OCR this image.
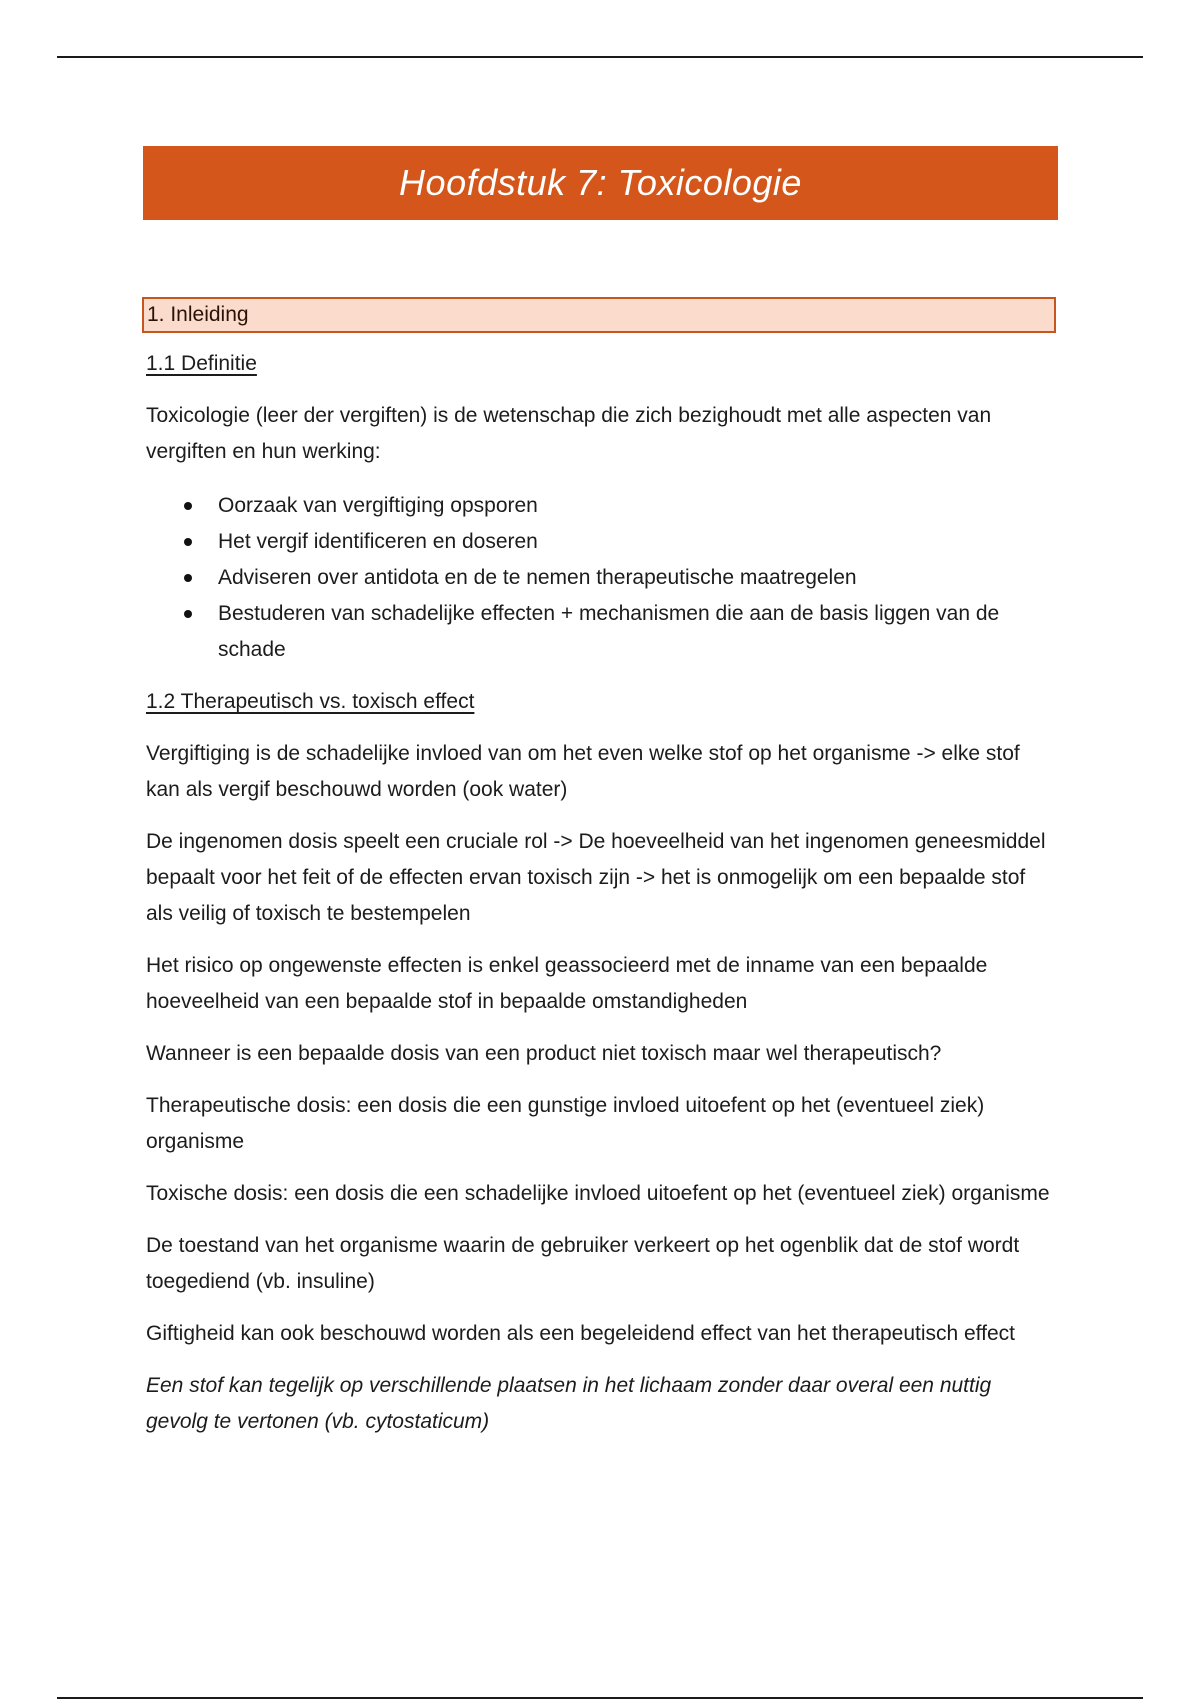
Hoofdstuk 7: Toxicologie
1. Inleiding
1.1 Definitie

Toxicologie (leer der vergiften) is de wetenschap die zich bezighoudt met alle aspecten van vergiften en hun werking:

Oorzaak van vergiftiging opsporen
Het vergif identificeren en doseren
Adviseren over antidota en de te nemen therapeutische maatregelen
Bestuderen van schadelijke effecten + mechanismen die aan de basis liggen van de schade
1.2 Therapeutisch vs. toxisch effect

Vergiftiging is de schadelijke invloed van om het even welke stof op het organisme -> elke stof kan als vergif beschouwd worden (ook water)

De ingenomen dosis speelt een cruciale rol -> De hoeveelheid van het ingenomen geneesmiddel bepaalt voor het feit of de effecten ervan toxisch zijn -> het is onmogelijk om een bepaalde stof als veilig of toxisch te bestempelen

Het risico op ongewenste effecten is enkel geassocieerd met de inname van een bepaalde hoeveelheid van een bepaalde stof in bepaalde omstandigheden

Wanneer is een bepaalde dosis van een product niet toxisch maar wel therapeutisch?

Therapeutische dosis: een dosis die een gunstige invloed uitoefent op het (eventueel ziek) organisme

Toxische dosis: een dosis die een schadelijke invloed uitoefent op het (eventueel ziek) organisme

De toestand van het organisme waarin de gebruiker verkeert op het ogenblik dat de stof wordt toegediend (vb. insuline)

Giftigheid kan ook beschouwd worden als een begeleidend effect van het therapeutisch effect

Een stof kan tegelijk op verschillende plaatsen in het lichaam zonder daar overal een nuttig gevolg te vertonen (vb. cytostaticum)
